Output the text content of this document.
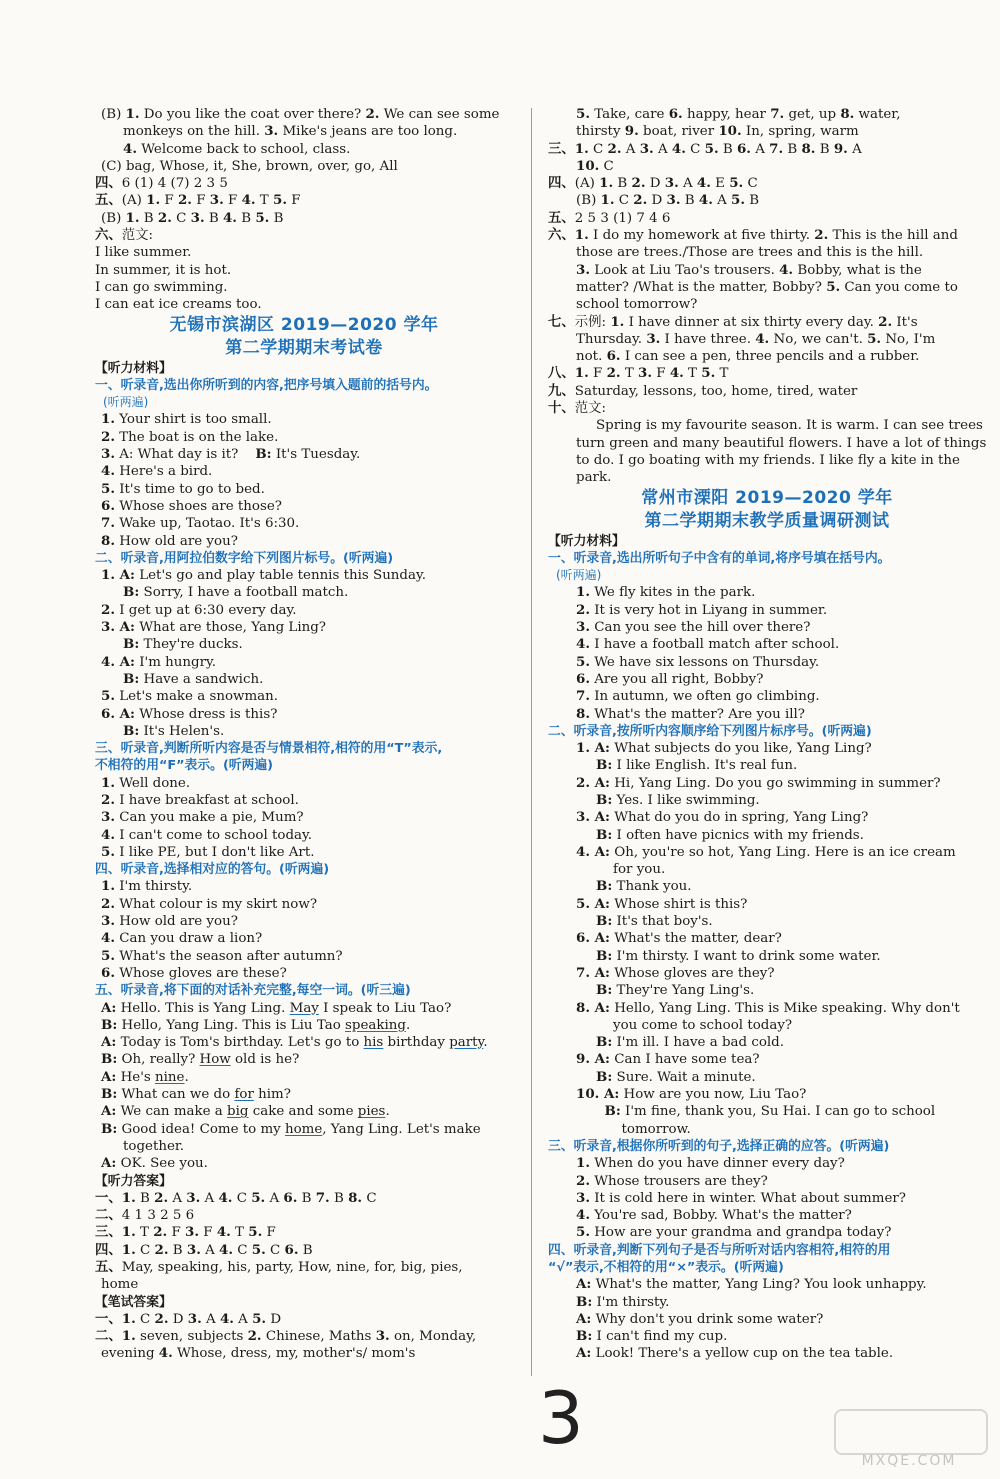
(B) 1. Do you like the coat over there? 2. We can see some
monkeys on the hill. 3. Mike's jeans are too long.
4. Welcome back to school, class.
(C) bag, Whose, it, She, brown, over, go, All
四、6 (1) 4 (7) 2 3 5
五、(A) 1. F 2. F 3. F 4. T 5. F
(B) 1. B 2. C 3. B 4. B 5. B
六、范文:
I like summer.
In summer, it is hot.
I can go swimming.
I can eat ice creams too.
无锡市滨湖区 2019—2020 学年
第二学期期末考试卷
【听力材料】
一、听录音,选出你所听到的内容,把序号填入题前的括号内。
(听两遍)
1. Your shirt is too small.
2. The boat is on the lake.
3. A: What day is it?    B: It's Tuesday.
4. Here's a bird.
5. It's time to go to bed.
6. Whose shoes are those?
7. Wake up, Taotao. It's 6:30.
8. How old are you?
二、听录音,用阿拉伯数字给下列图片标号。(听两遍)
1. A: Let's go and play table tennis this Sunday.
B: Sorry, I have a football match.
2. I get up at 6:30 every day.
3. A: What are those, Yang Ling?
B: They're ducks.
4. A: I'm hungry.
B: Have a sandwich.
5. Let's make a snowman.
6. A: Whose dress is this?
B: It's Helen's.
三、听录音,判断所听内容是否与情景相符,相符的用“T”表示,
不相符的用“F”表示。(听两遍)
1. Well done.
2. I have breakfast at school.
3. Can you make a pie, Mum?
4. I can't come to school today.
5. I like PE, but I don't like Art.
四、听录音,选择相对应的答句。(听两遍)
1. I'm thirsty.
2. What colour is my skirt now?
3. How old are you?
4. Can you draw a lion?
5. What's the season after autumn?
6. Whose gloves are these?
五、听录音,将下面的对话补充完整,每空一词。(听三遍)
A: Hello. This is Yang Ling. May I speak to Liu Tao?
B: Hello, Yang Ling. This is Liu Tao speaking.
A: Today is Tom's birthday. Let's go to his birthday party.
B: Oh, really? How old is he?
A: He's nine.
B: What can we do for him?
A: We can make a big cake and some pies.
B: Good idea! Come to my home, Yang Ling. Let's make
together.
A: OK. See you.
【听力答案】
一、1. B 2. A 3. A 4. C 5. A 6. B 7. B 8. C
二、4 1 3 2 5 6
三、1. T 2. F 3. F 4. T 5. F
四、1. C 2. B 3. A 4. C 5. C 6. B
五、May, speaking, his, party, How, nine, for, big, pies,
home
【笔试答案】
一、1. C 2. D 3. A 4. A 5. D
二、1. seven, subjects 2. Chinese, Maths 3. on, Monday,
evening 4. Whose, dress, my, mother's/ mom's
5. Take, care 6. happy, hear 7. get, up 8. water,
thirsty 9. boat, river 10. In, spring, warm
三、1. C 2. A 3. A 4. C 5. B 6. A 7. B 8. B 9. A
10. C
四、(A) 1. B 2. D 3. A 4. E 5. C
(B) 1. C 2. D 3. B 4. A 5. B
五、2 5 3 (1) 7 4 6
六、1. I do my homework at five thirty. 2. This is the hill and
those are trees./Those are trees and this is the hill.
3. Look at Liu Tao's trousers. 4. Bobby, what is the
matter? /What is the matter, Bobby? 5. Can you come to
school tomorrow?
七、示例: 1. I have dinner at six thirty every day. 2. It's
Thursday. 3. I have three. 4. No, we can't. 5. No, I'm
not. 6. I can see a pen, three pencils and a rubber.
八、1. F 2. T 3. F 4. T 5. T
九、Saturday, lessons, too, home, tired, water
十、范文:
Spring is my favourite season. It is warm. I can see trees
turn green and many beautiful flowers. I have a lot of things
to do. I go boating with my friends. I like fly a kite in the
park.
常州市溧阳 2019—2020 学年
第二学期期末教学质量调研测试
【听力材料】
一、听录音,选出所听句子中含有的单词,将序号填在括号内。
(听两遍)
1. We fly kites in the park.
2. It is very hot in Liyang in summer.
3. Can you see the hill over there?
4. I have a football match after school.
5. We have six lessons on Thursday.
6. Are you all right, Bobby?
7. In autumn, we often go climbing.
8. What's the matter? Are you ill?
二、听录音,按所听内容顺序给下列图片标序号。(听两遍)
1. A: What subjects do you like, Yang Ling?
B: I like English. It's real fun.
2. A: Hi, Yang Ling. Do you go swimming in summer?
B: Yes. I like swimming.
3. A: What do you do in spring, Yang Ling?
B: I often have picnics with my friends.
4. A: Oh, you're so hot, Yang Ling. Here is an ice cream
for you.
B: Thank you.
5. A: Whose shirt is this?
B: It's that boy's.
6. A: What's the matter, dear?
B: I'm thirsty. I want to drink some water.
7. A: Whose gloves are they?
B: They're Yang Ling's.
8. A: Hello, Yang Ling. This is Mike speaking. Why don't
you come to school today?
B: I'm ill. I have a bad cold.
9. A: Can I have some tea?
B: Sure. Wait a minute.
10. A: How are you now, Liu Tao?
B: I'm fine, thank you, Su Hai. I can go to school
tomorrow.
三、听录音,根据你所听到的句子,选择正确的应答。(听两遍)
1. When do you have dinner every day?
2. Whose trousers are they?
3. It is cold here in winter. What about summer?
4. You're sad, Bobby. What's the matter?
5. How are your grandma and grandpa today?
四、听录音,判断下列句子是否与所听对话内容相符,相符的用
“√”表示,不相符的用“×”表示。(听两遍)
A: What's the matter, Yang Ling? You look unhappy.
B: I'm thirsty.
A: Why don't you drink some water?
B: I can't find my cup.
A: Look! There's a yellow cup on the tea table.
3
MXQE.COM
